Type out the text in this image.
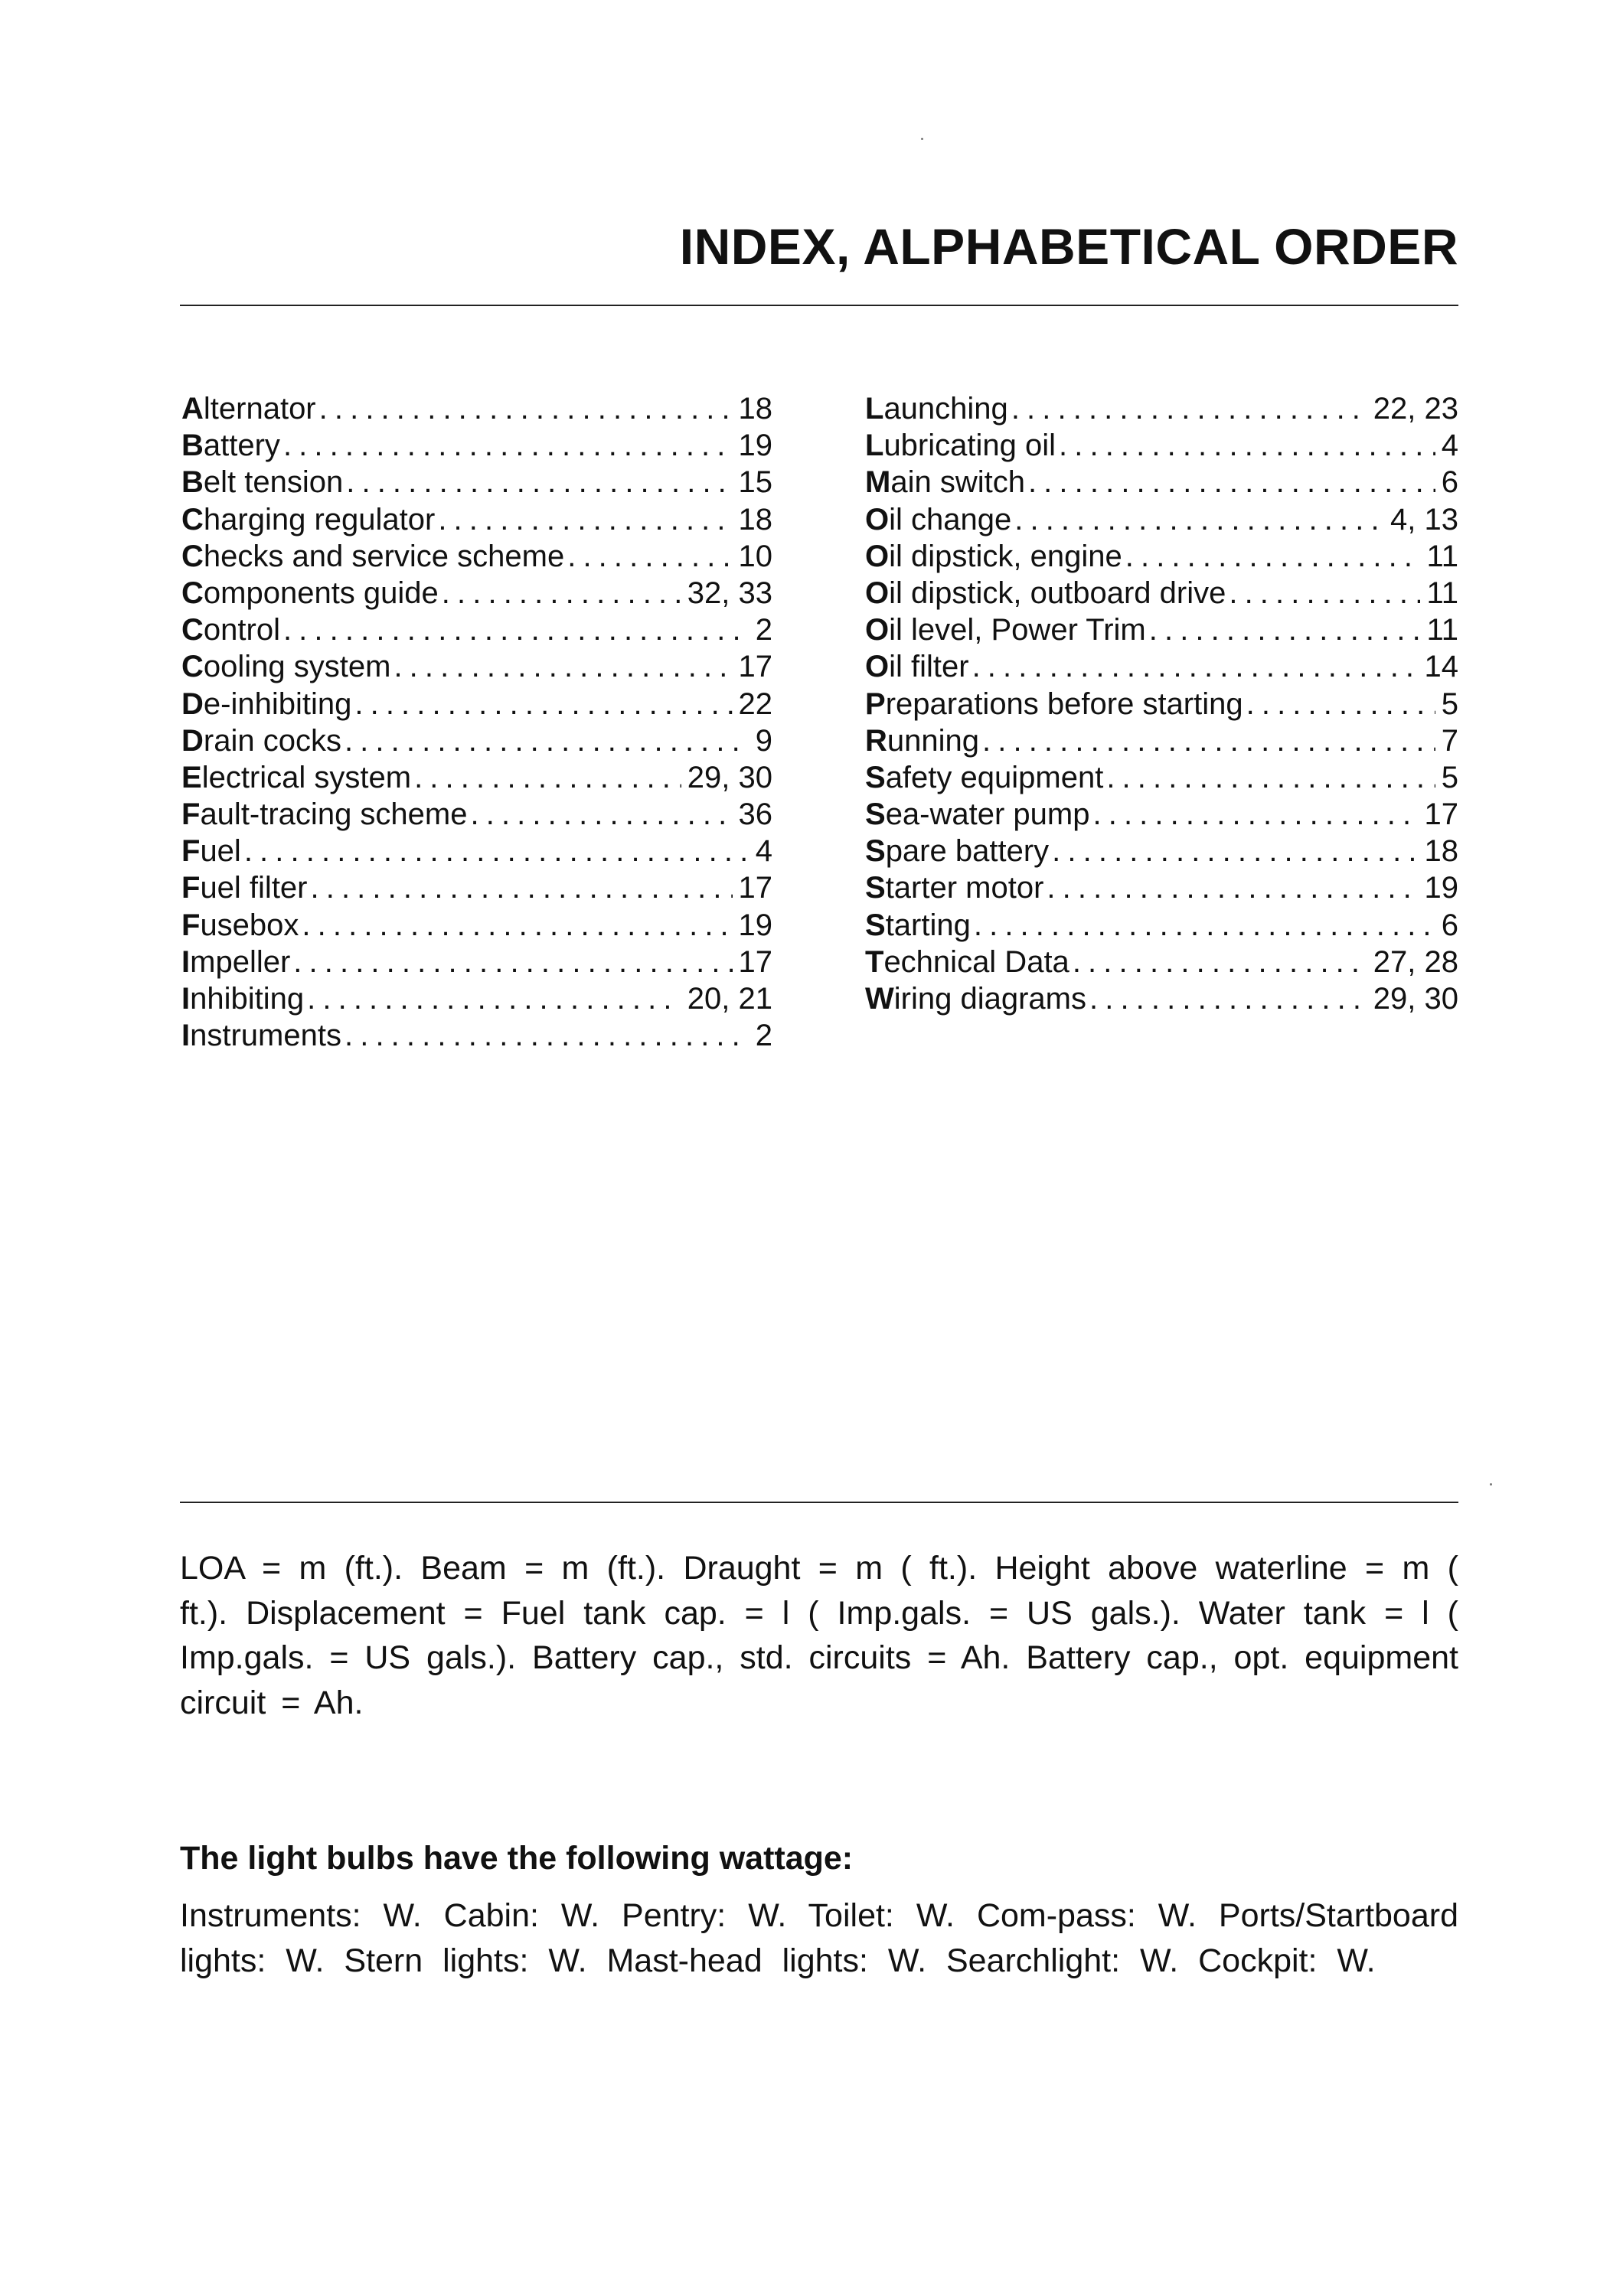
INDEX, ALPHABETICAL ORDER
Alternator . . .	18
Battery . . .	19
Belt tension . . .	15
Charging regulator . . .	18
Checks and service scheme . . .	10
Components guide . . .	32, 33
Control . . .	2
Cooling system . . .	17
De-inhibiting . . .	22
Drain cocks . . .	9
Electrical system . . .	29, 30
Fault-tracing scheme . . .	36
Fuel . . .	4
Fuel filter . . .	17
Fusebox . . .	19
Impeller . . .	17
Inhibiting . . .	20, 21
Instruments . . .	2
Launching . . .	22, 23
Lubricating oil . . .	4
Main switch . . .	6
Oil change . . .	4, 13
Oil dipstick, engine . . .	11
Oil dipstick, outboard drive . . .	11
Oil level, Power Trim . . .	11
Oil filter . . .	14
Preparations before starting . . .	5
Running . . .	7
Safety equipment . . .	5
Sea-water pump . . .	17
Spare battery . . .	18
Starter motor . . .	19
Starting . . .	6
Technical Data . . .	27, 28
Wiring diagrams . . .	29, 30
LOA = m (ft.). Beam = m (ft.). Draught = m ( ft.). Height above waterline = m ( ft.). Displacement = Fuel tank cap. = l ( Imp.gals. = US gals.). Water tank = l ( Imp.gals. = US gals.). Battery cap., std. circuits = Ah. Battery cap., opt. equipment circuit = Ah.
The light bulbs have the following wattage:
Instruments: W. Cabin: W. Pentry: W. Toilet: W. Com-pass: W. Ports/Startboard lights: W. Stern lights: W. Mast-head lights: W. Searchlight: W. Cockpit: W.
